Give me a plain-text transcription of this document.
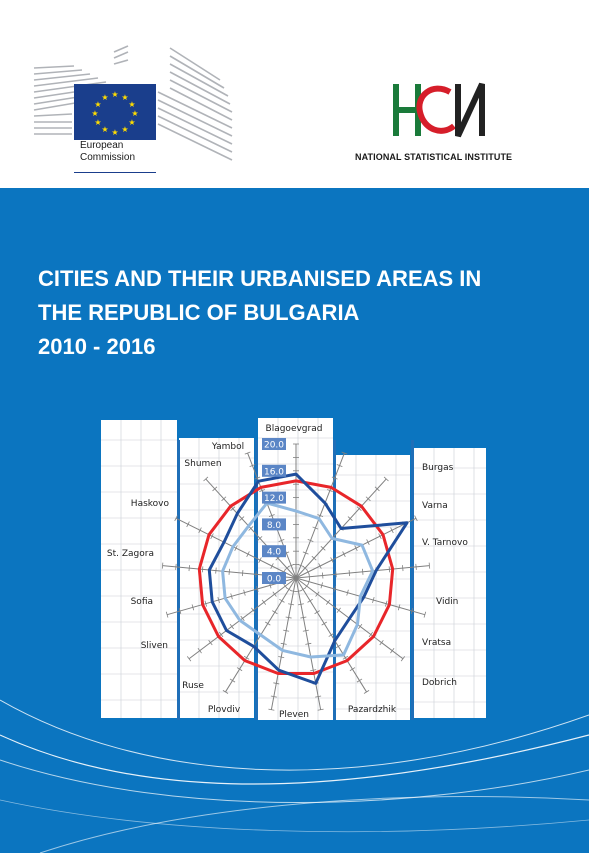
★ ★
★
★
★
★
★
★
★
★
★
★
European
Commission	NATIONAL STATISTICAL INSTITUTE
CITIES AND THEIR URBANISED AREAS IN
THE REPUBLIC OF BULGARIA
2010 - 2016
20.0
16.0
12.0
8.0
4.0
0.0
Blagoevgrad
Burgas
Varna
V. Tarnovo
Vidin
Vratsa
Dobrich
Pazardzhik
Pleven
Plovdiv
Ruse
Sliven
Sofia
St. Zagora
Haskovo
Shumen
Yambol
